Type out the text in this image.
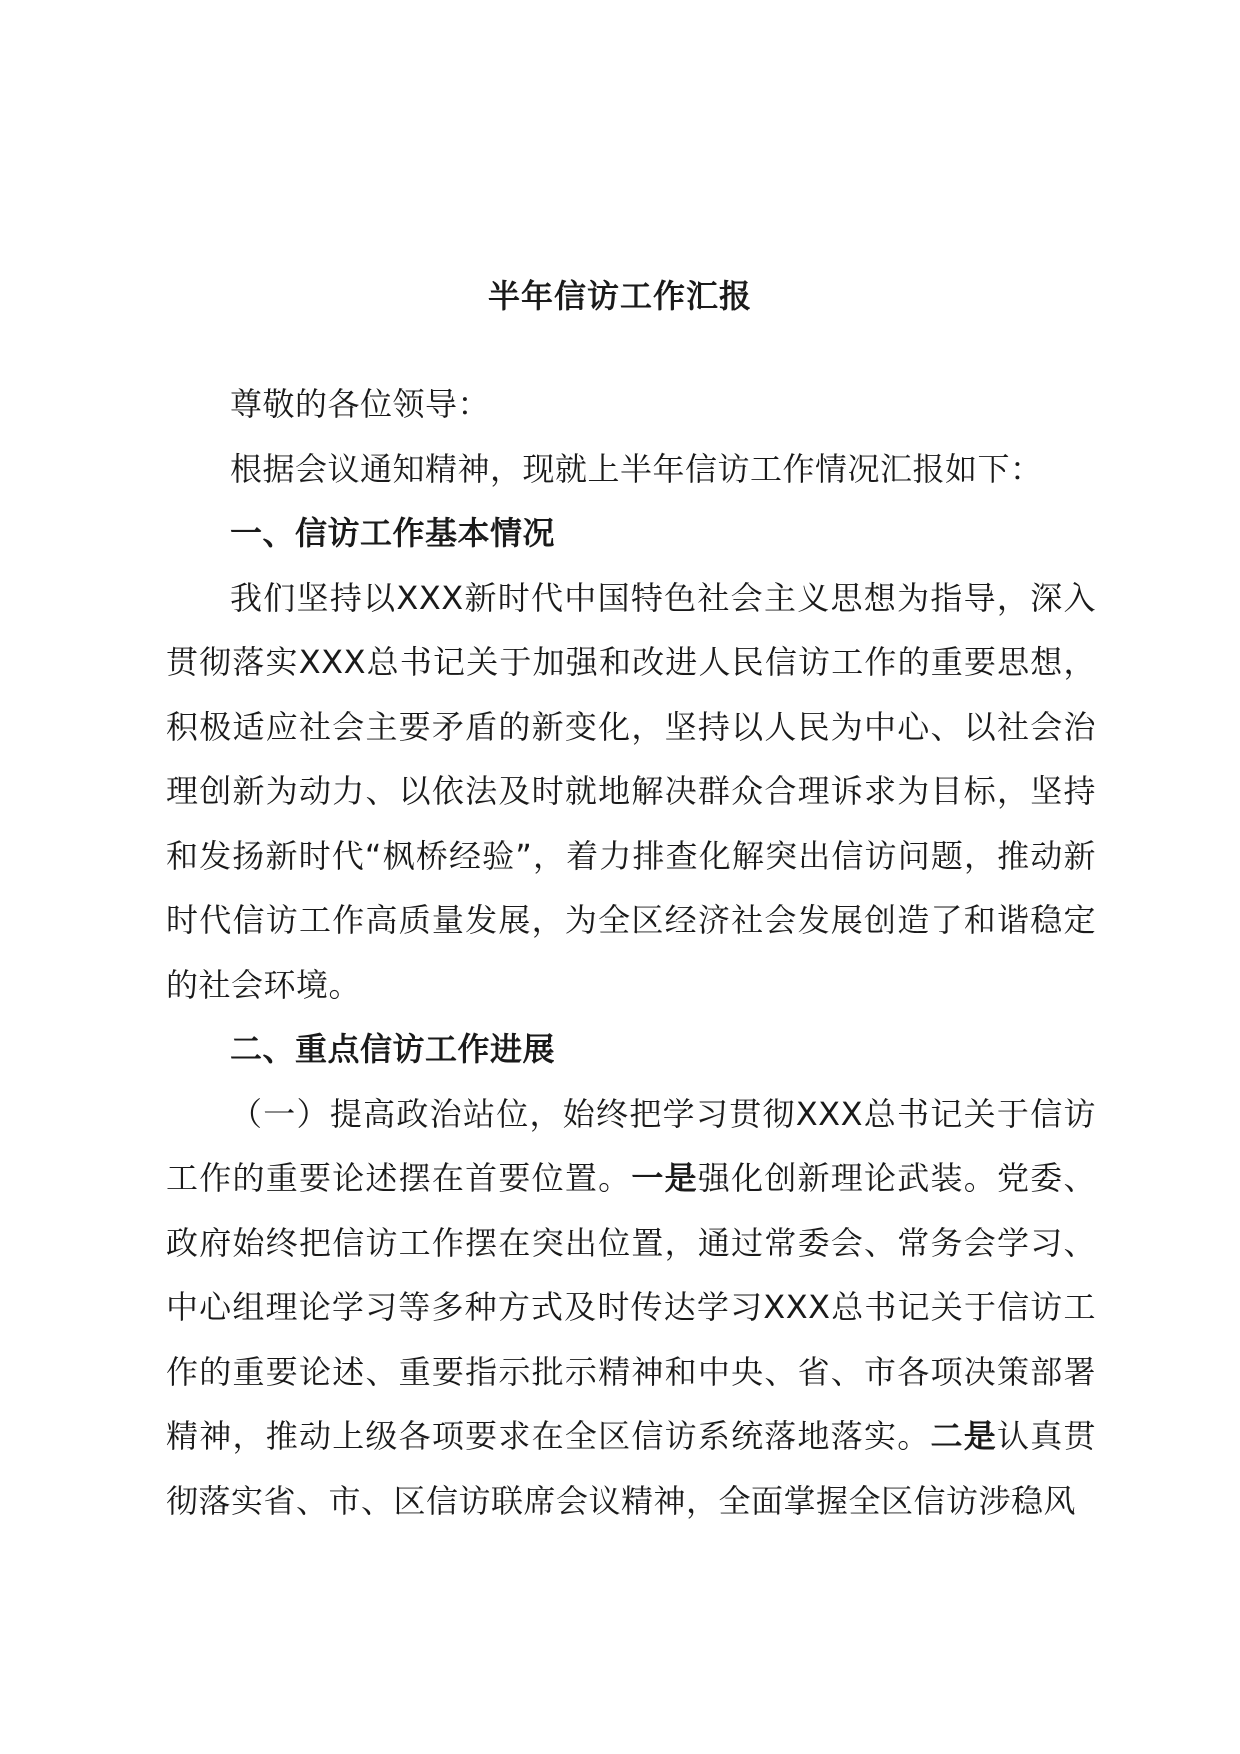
半年信访工作汇报

尊敬的各位领导：

根据会议通知精神，现就上半年信访工作情况汇报如下：

一、信访工作基本情况

我们坚持以XXX新时代中国特色社会主义思想为指导，深入贯彻落实XXX总书记关于加强和改进人民信访工作的重要思想，积极适应社会主要矛盾的新变化，坚持以人民为中心、以社会治理创新为动力、以依法及时就地解决群众合理诉求为目标，坚持和发扬新时代“枫桥经验”，着力排查化解突出信访问题，推动新时代信访工作高质量发展，为全区经济社会发展创造了和谐稳定的社会环境。

二、重点信访工作进展

（一）提高政治站位，始终把学习贯彻XXX总书记关于信访工作的重要论述摆在首要位置。一是强化创新理论武装。党委、政府始终把信访工作摆在突出位置，通过常委会、常务会学习、中心组理论学习等多种方式及时传达学习XXX总书记关于信访工作的重要论述、重要指示批示精神和中央、省、市各项决策部署精神，推动上级各项要求在全区信访系统落地落实。二是认真贯彻落实省、市、区信访联席会议精神，全面掌握全区信访涉稳风
